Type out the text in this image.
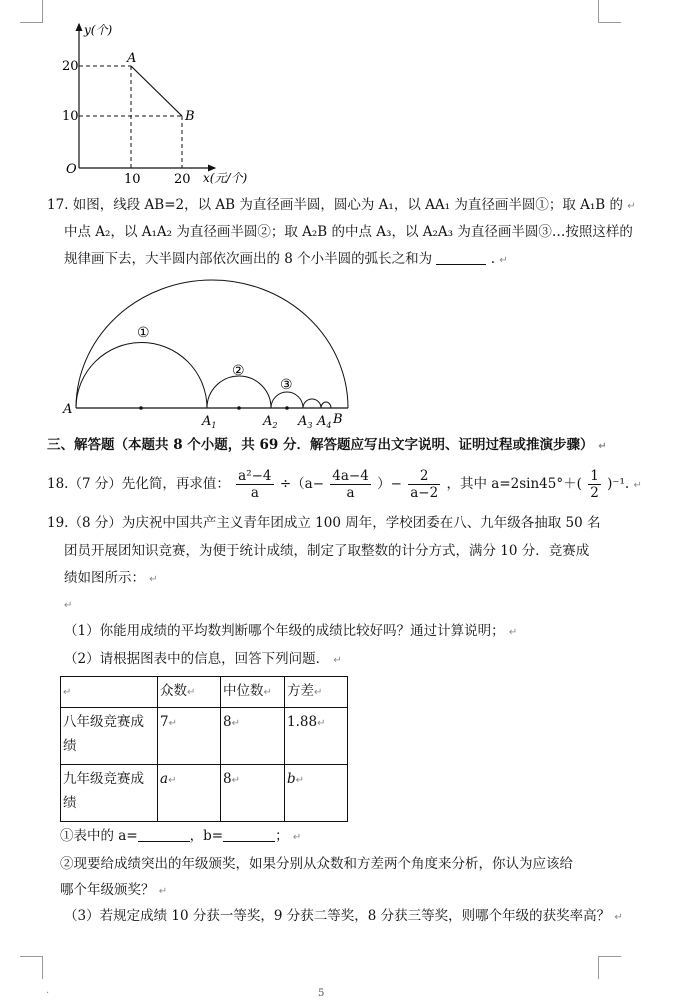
y(个)
x(元/个)
O
20
10
10	20
A
B
17. 如图，线段 AB=2，以 AB 为直径画半圆，圆心为 A₁，以 AA₁ 为直径画半圆①；取 A₁B 的 ↵
中点 A₂，以 A₁A₂ 为直径画半圆②；取 A₂B 的中点 A₃，以 A₂A₃ 为直径画半圆③…按照这样的
规律画下去，大半圆内部依次画出的 8 个小半圆的弧长之和为	. ↵
①
②
③
A
$A_1$	$A_2$ $A_3$ $A_4$ B
三、解答题（本题共 8 个小题，共 69 分．解答题应写出文字说明、证明过程或推演步骤） ↵
18.（7 分）先化简，再求值： $\frac{\text{a²−4}}{a} \div(a- \frac{4a-4}{a}$ ）− $\frac{2}{a-2}$ ，其中 $a=2\sin 45^\circ+( \frac{1}{2} )^{-1}$. ↵
19.（8 分）为庆祝中国共产主义青年团成立 100 周年，学校团委在八、九年级各抽取 50 名
团员开展团知识竞赛，为便于统计成绩，制定了取整数的计分方式，满分 10 分．竞赛成
绩如图所示： ↵
↵
（1）你能用成绩的平均数判断哪个年级的成绩比较好吗？通过计算说明； ↵
（2）请根据图表中的信息，回答下列问题． ↵
↵	众数↵	中位数↵	方差↵
八年级竞赛成绩	7↵	8↵	1.88↵
九年级竞赛成绩	a↵	8↵	b↵
①表中的 a=	，b=	； ↵
②现要给成绩突出的年级颁奖，如果分别从众数和方差两个角度来分析，你认为应该给
哪个年级颁奖？ ↵
（3）若规定成绩 10 分获一等奖，9 分获二等奖，8 分获三等奖，则哪个年级的获奖率高？ ↵
·	5
